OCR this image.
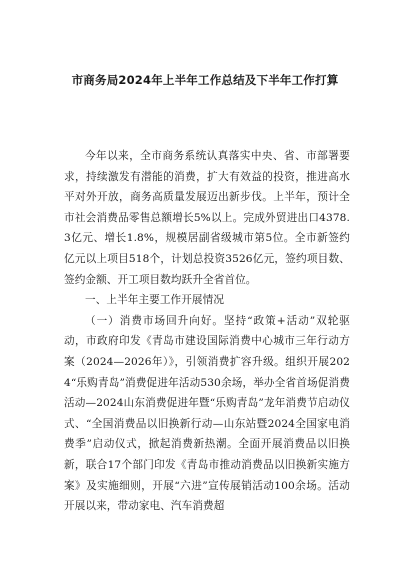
市商务局2024年上半年工作总结及下半年工作打算

今年以来，全市商务系统认真落实中央、省、市部署要求，持续激发有潜能的消费，扩大有效益的投资，推进高水平对外开放，商务高质量发展迈出新步伐。上半年，预计全市社会消费品零售总额增长5%以上。完成外贸进出口4378.3亿元、增长1.8%，规模居副省级城市第5位。全市新签约亿元以上项目518个，计划总投资3526亿元，签约项目数、签约金额、开工项目数均跃升全省首位。

一、上半年主要工作开展情况

（一）消费市场回升向好。坚持“政策+活动”双轮驱动，市政府印发《青岛市建设国际消费中心城市三年行动方案（2024—2026年）》，引领消费扩容升级。组织开展2024“乐购青岛”消费促进年活动530余场，举办全省首场促消费活动—2024山东消费促进年暨“乐购青岛”龙年消费节启动仪式、“全国消费品以旧换新行动—山东站暨2024全国家电消费季”启动仪式，掀起消费新热潮。全面开展消费品以旧换新，联合17个部门印发《青岛市推动消费品以旧换新实施方案》及实施细则，开展“六进”宣传展销活动100余场。活动开展以来，带动家电、汽车消费超
